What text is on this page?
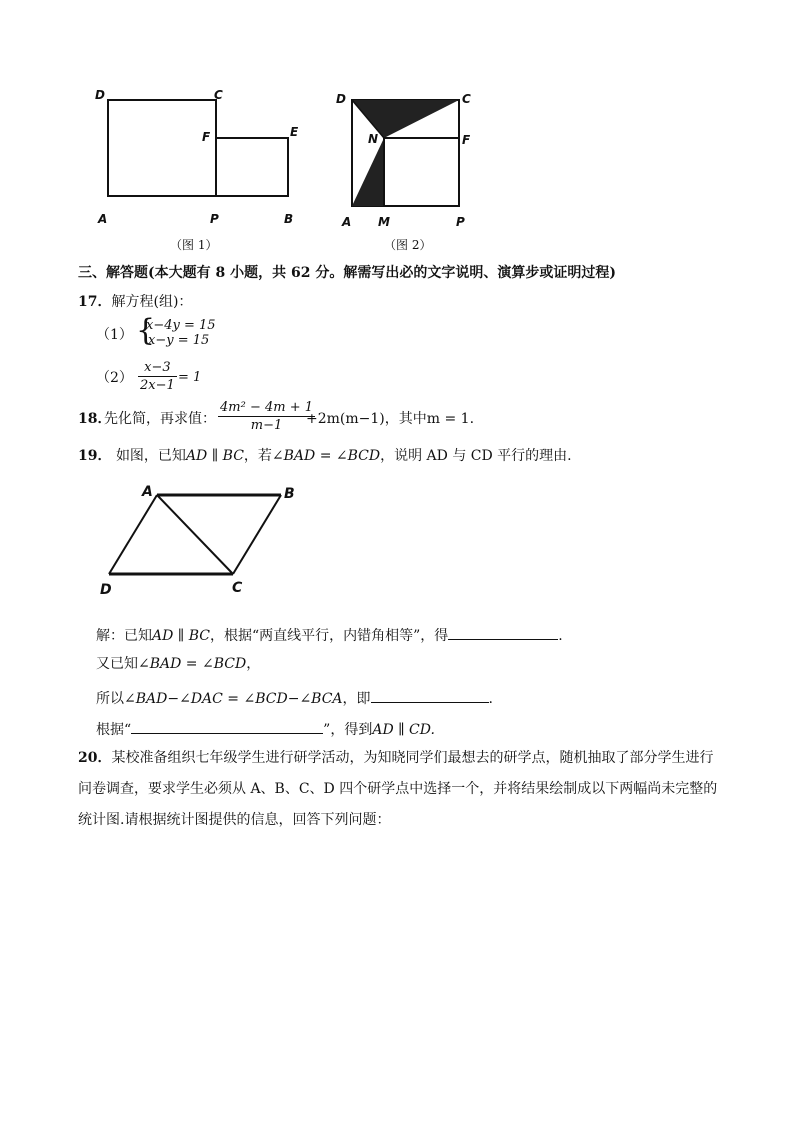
D	C
F	E
A	P	B
（图 1）
D	C
N	F
A M	P
（图 2）
三、解答题(本大题有 8 小题，共 62 分。解需写出必的文字说明、演算步或证明过程)
17．解方程(组)：
（1） {
x−4y = 15
x−y = 15
$(2) \frac{x-3}{2x-1} = 1$
18．
先化简，再求值： $\frac{\text{4m² − 4m + 1}}{m-1}$
+2m(m−1)，其中m = 1.
19． 如图，已知AD ∥ BC，若∠BAD = ∠BCD，说明 AD 与 CD 平行的理由.
A	B
C
D
解：已知AD ∥ BC，根据“两直线平行，内错角相等”，得	.
又已知∠BAD = ∠BCD，
所以∠BAD−∠DAC = ∠BCD−∠BCA，即	.
根据“	”，得到AD ∥ CD.
20．某校准备组织七年级学生进行研学活动，为知晓同学们最想去的研学点，随机抽取了部分学生进行
问卷调查，要求学生必须从 A、B、C、D 四个研学点中选择一个，并将结果绘制成以下两幅尚未完整的
统计图.请根据统计图提供的信息，回答下列问题：
